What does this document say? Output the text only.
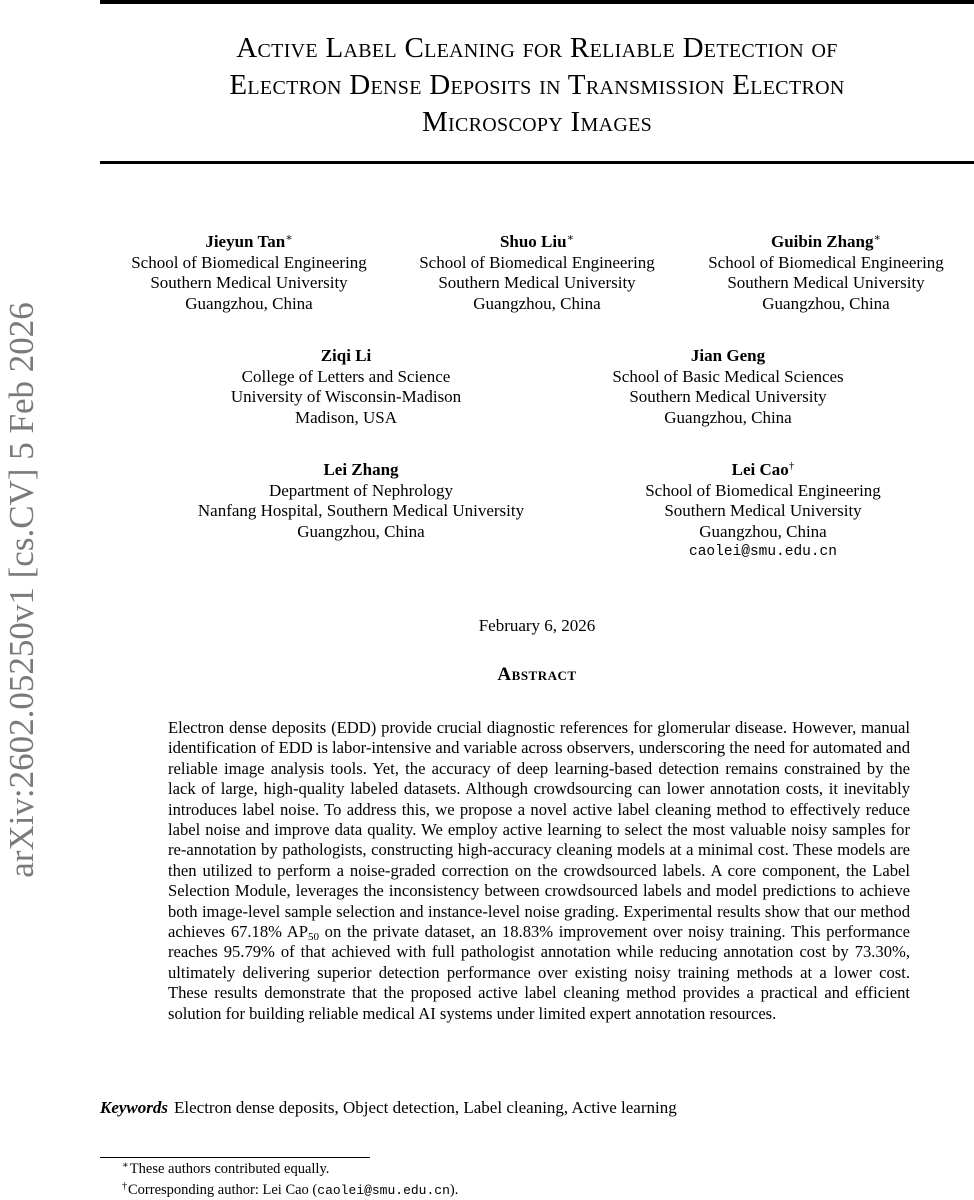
Active Label Cleaning for Reliable Detection of
Electron Dense Deposits in Transmission Electron
Microscopy Images
arXiv:2602.05250v1 [cs.CV] 5 Feb 2026
Jieyun Tan∗
School of Biomedical Engineering
Southern Medical University
Guangzhou, China
Shuo Liu∗
School of Biomedical Engineering
Southern Medical University
Guangzhou, China
Guibin Zhang∗
School of Biomedical Engineering
Southern Medical University
Guangzhou, China
Ziqi Li
College of Letters and Science
University of Wisconsin-Madison
Madison, USA
Jian Geng
School of Basic Medical Sciences
Southern Medical University
Guangzhou, China
Lei Zhang
Department of Nephrology
Nanfang Hospital, Southern Medical University
Guangzhou, China
Lei Cao†
School of Biomedical Engineering
Southern Medical University
Guangzhou, China
caolei@smu.edu.cn
February 6, 2026
Abstract
Electron dense deposits (EDD) provide crucial diagnostic references for glomerular disease. However, manual identification of EDD is labor-intensive and variable across observers, underscoring the need for automated and reliable image analysis tools. Yet, the accuracy of deep learning-based detection remains constrained by the lack of large, high-quality labeled datasets. Although crowdsourcing can lower annotation costs, it inevitably introduces label noise. To address this, we propose a novel active label cleaning method to effectively reduce label noise and improve data quality. We employ active learning to select the most valuable noisy samples for re-annotation by pathologists, constructing high-accuracy cleaning models at a minimal cost. These models are then utilized to perform a noise-graded correction on the crowdsourced labels. A core component, the Label Selection Module, leverages the inconsistency between crowdsourced labels and model predictions to achieve both image-level sample selection and instance-level noise grading. Experimental results show that our method achieves 67.18% $AP_{50}$ on the private dataset, an 18.83% improvement over noisy training. This performance reaches 95.79% of that achieved with full pathologist annotation while reducing annotation cost by 73.30%, ultimately delivering superior detection performance over existing noisy training methods at a lower cost. These results demonstrate that the proposed active label cleaning method provides a practical and efficient solution for building reliable medical AI systems under limited expert annotation resources.
Keywords Electron dense deposits, Object detection, Label cleaning, Active learning
∗These authors contributed equally.
†Corresponding author: Lei Cao (caolei@smu.edu.cn).
